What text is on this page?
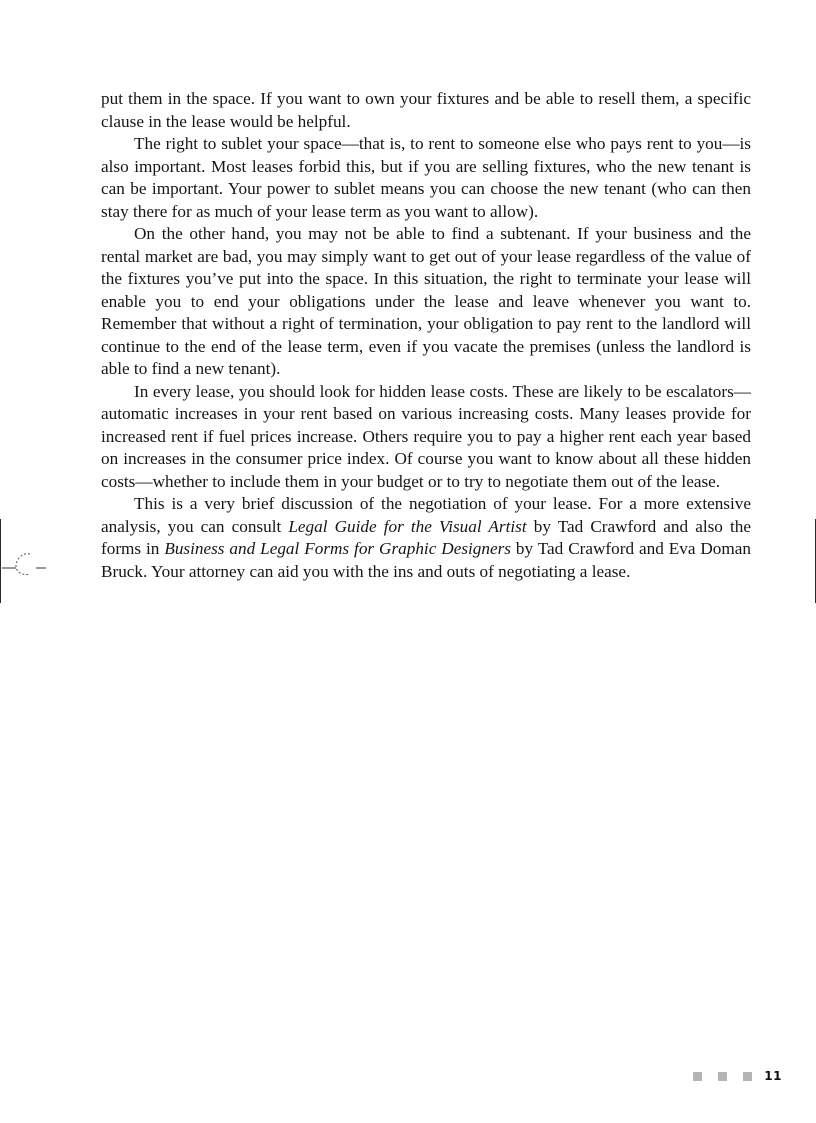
put them in the space. If you want to own your fixtures and be able to resell them, a specific clause in the lease would be helpful.

The right to sublet your space—that is, to rent to someone else who pays rent to you—is also important. Most leases forbid this, but if you are selling fixtures, who the new tenant is can be important. Your power to sublet means you can choose the new tenant (who can then stay there for as much of your lease term as you want to allow).

On the other hand, you may not be able to find a subtenant. If your business and the rental market are bad, you may simply want to get out of your lease regardless of the value of the fixtures you’ve put into the space. In this situation, the right to terminate your lease will enable you to end your obligations under the lease and leave whenever you want to. Remember that without a right of termination, your obligation to pay rent to the landlord will continue to the end of the lease term, even if you vacate the premises (unless the landlord is able to find a new tenant).

In every lease, you should look for hidden lease costs. These are likely to be escalators—automatic increases in your rent based on various increasing costs. Many leases provide for increased rent if fuel prices increase. Others require you to pay a higher rent each year based on increases in the consumer price index. Of course you want to know about all these hidden costs—whether to include them in your budget or to try to negotiate them out of the lease.

This is a very brief discussion of the negotiation of your lease. For a more extensive analysis, you can consult Legal Guide for the Visual Artist by Tad Crawford and also the forms in Business and Legal Forms for Graphic Designers by Tad Crawford and Eva Doman Bruck. Your attorney can aid you with the ins and outs of negotiating a lease.

11
